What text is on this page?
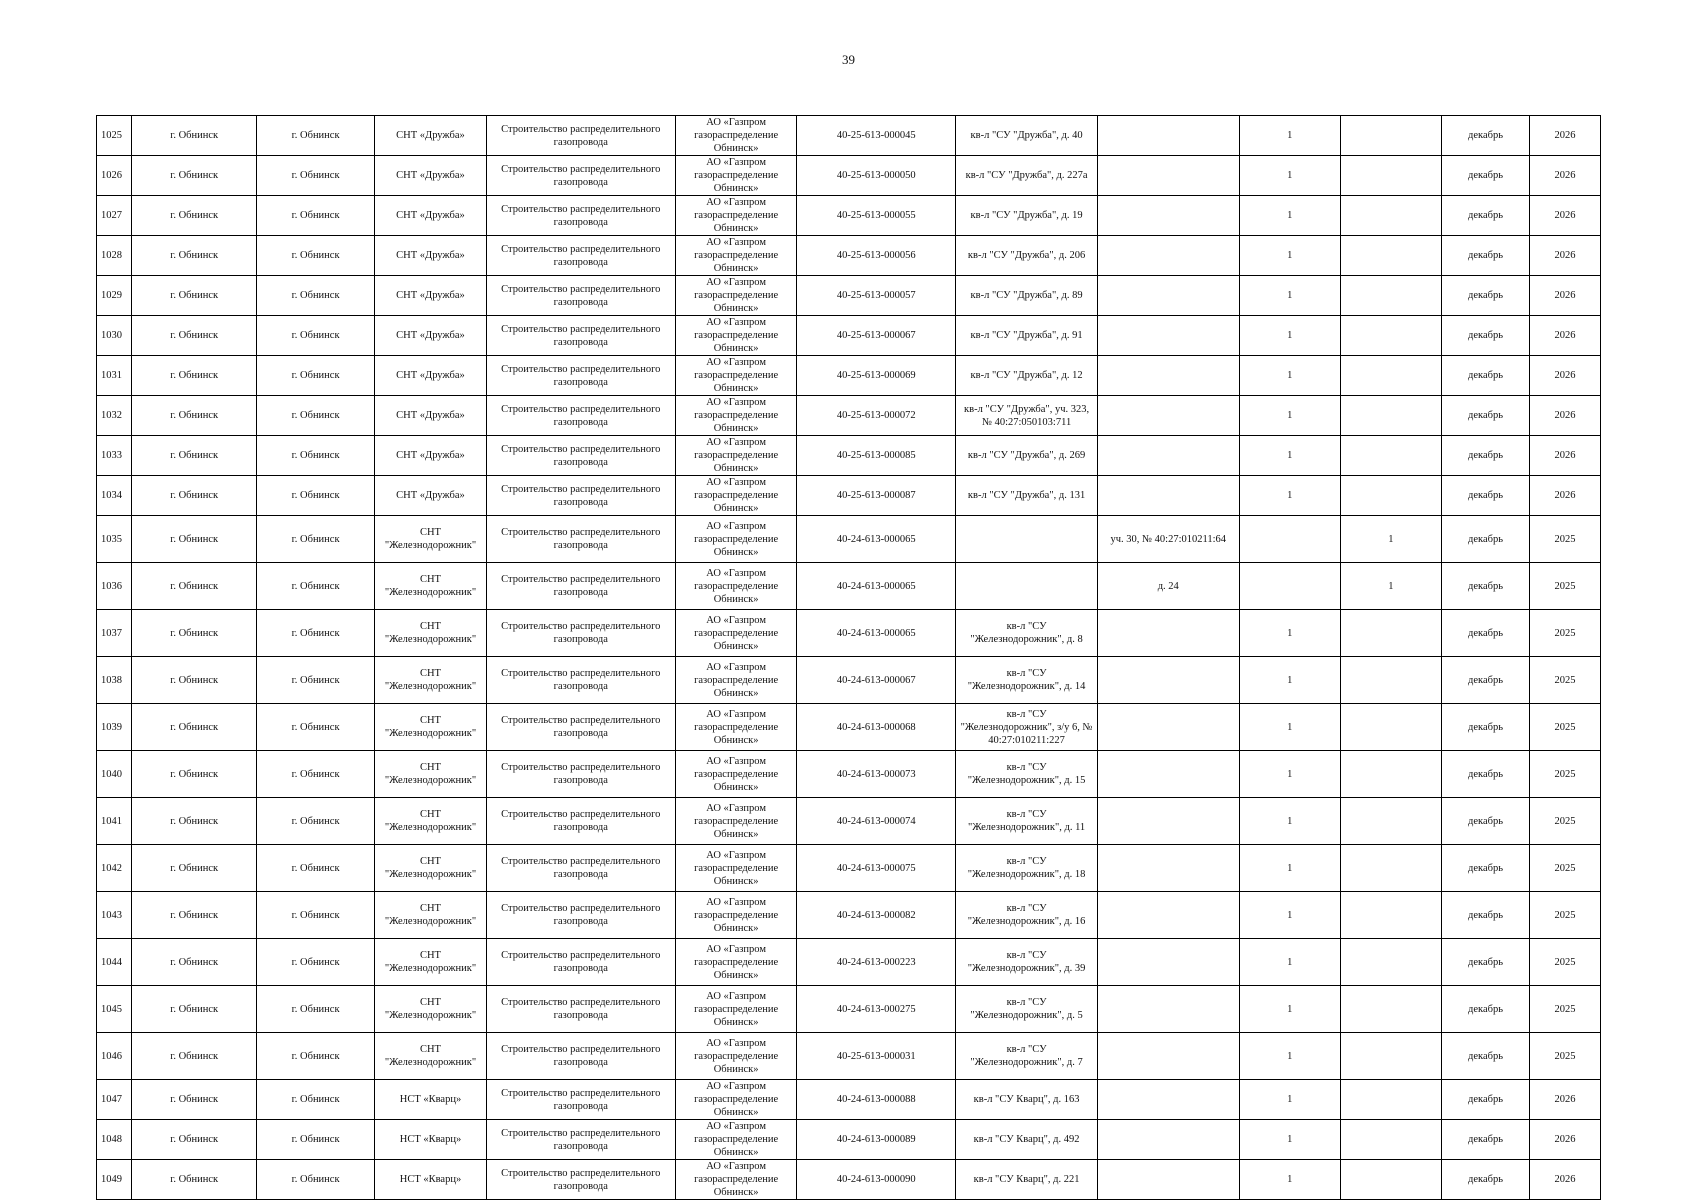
39
1025	г. Обнинск	г. Обнинск	СНТ «Дружба»	Строительство распределительного
газопровода	АО «Газпром
газораспределение Обнинск»	40-25-613-000045	кв-л "СУ "Дружба", д. 40		1		декабрь	2026

1026	г. Обнинск	г. Обнинск	СНТ «Дружба»	Строительство распределительного
газопровода	АО «Газпром
газораспределение Обнинск»	40-25-613-000050	кв-л "СУ "Дружба", д. 227а		1		декабрь	2026

1027	г. Обнинск	г. Обнинск	СНТ «Дружба»	Строительство распределительного
газопровода	АО «Газпром
газораспределение Обнинск»	40-25-613-000055	кв-л "СУ "Дружба", д. 19		1		декабрь	2026

1028	г. Обнинск	г. Обнинск	СНТ «Дружба»	Строительство распределительного
газопровода	АО «Газпром
газораспределение Обнинск»	40-25-613-000056	кв-л "СУ "Дружба", д. 206		1		декабрь	2026

1029	г. Обнинск	г. Обнинск	СНТ «Дружба»	Строительство распределительного
газопровода	АО «Газпром
газораспределение Обнинск»	40-25-613-000057	кв-л "СУ "Дружба", д. 89		1		декабрь	2026

1030	г. Обнинск	г. Обнинск	СНТ «Дружба»	Строительство распределительного
газопровода	АО «Газпром
газораспределение Обнинск»	40-25-613-000067	кв-л "СУ "Дружба", д. 91		1		декабрь	2026

1031	г. Обнинск	г. Обнинск	СНТ «Дружба»	Строительство распределительного
газопровода	АО «Газпром
газораспределение Обнинск»	40-25-613-000069	кв-л "СУ "Дружба", д. 12		1		декабрь	2026

1032	г. Обнинск	г. Обнинск	СНТ «Дружба»	Строительство распределительного
газопровода	АО «Газпром
газораспределение Обнинск»	40-25-613-000072	кв-л "СУ "Дружба", уч. 323,
№ 40:27:050103:711		1		декабрь	2026

1033	г. Обнинск	г. Обнинск	СНТ «Дружба»	Строительство распределительного
газопровода	АО «Газпром
газораспределение Обнинск»	40-25-613-000085	кв-л "СУ "Дружба", д. 269		1		декабрь	2026

1034	г. Обнинск	г. Обнинск	СНТ «Дружба»	Строительство распределительного
газопровода	АО «Газпром
газораспределение Обнинск»	40-25-613-000087	кв-л "СУ "Дружба", д. 131		1		декабрь	2026

1035	г. Обнинск	г. Обнинск	СНТ
"Железнодорожник"	Строительство распределительного
газопровода	АО «Газпром
газораспределение Обнинск»	40-24-613-000065		уч. 30, № 40:27:010211:64		1	декабрь	2025

1036	г. Обнинск	г. Обнинск	СНТ
"Железнодорожник"	Строительство распределительного
газопровода	АО «Газпром
газораспределение Обнинск»	40-24-613-000065		д. 24		1	декабрь	2025

1037	г. Обнинск	г. Обнинск	СНТ
"Железнодорожник"	Строительство распределительного
газопровода	АО «Газпром
газораспределение Обнинск»	40-24-613-000065	кв-л "СУ
"Железнодорожник", д. 8		1		декабрь	2025

1038	г. Обнинск	г. Обнинск	СНТ
"Железнодорожник"	Строительство распределительного
газопровода	АО «Газпром
газораспределение Обнинск»	40-24-613-000067	кв-л "СУ
"Железнодорожник", д. 14		1		декабрь	2025

1039	г. Обнинск	г. Обнинск	СНТ
"Железнодорожник"	Строительство распределительного
газопровода	АО «Газпром
газораспределение Обнинск»	40-24-613-000068	кв-л "СУ
"Железнодорожник", з/у 6, №
40:27:010211:227		1		декабрь	2025

1040	г. Обнинск	г. Обнинск	СНТ
"Железнодорожник"	Строительство распределительного
газопровода	АО «Газпром
газораспределение Обнинск»	40-24-613-000073	кв-л "СУ
"Железнодорожник", д. 15		1		декабрь	2025

1041	г. Обнинск	г. Обнинск	СНТ
"Железнодорожник"	Строительство распределительного
газопровода	АО «Газпром
газораспределение Обнинск»	40-24-613-000074	кв-л "СУ
"Железнодорожник", д. 11		1		декабрь	2025

1042	г. Обнинск	г. Обнинск	СНТ
"Железнодорожник"	Строительство распределительного
газопровода	АО «Газпром
газораспределение Обнинск»	40-24-613-000075	кв-л "СУ
"Железнодорожник", д. 18		1		декабрь	2025

1043	г. Обнинск	г. Обнинск	СНТ
"Железнодорожник"	Строительство распределительного
газопровода	АО «Газпром
газораспределение Обнинск»	40-24-613-000082	кв-л "СУ
"Железнодорожник", д. 16		1		декабрь	2025

1044	г. Обнинск	г. Обнинск	СНТ
"Железнодорожник"	Строительство распределительного
газопровода	АО «Газпром
газораспределение Обнинск»	40-24-613-000223	кв-л "СУ
"Железнодорожник", д. 39		1		декабрь	2025

1045	г. Обнинск	г. Обнинск	СНТ
"Железнодорожник"	Строительство распределительного
газопровода	АО «Газпром
газораспределение Обнинск»	40-24-613-000275	кв-л "СУ
"Железнодорожник", д. 5		1		декабрь	2025

1046	г. Обнинск	г. Обнинск	СНТ
"Железнодорожник"	Строительство распределительного
газопровода	АО «Газпром
газораспределение Обнинск»	40-25-613-000031	кв-л "СУ
"Железнодорожник", д. 7		1		декабрь	2025

1047	г. Обнинск	г. Обнинск	НСТ «Кварц»	Строительство распределительного
газопровода	АО «Газпром
газораспределение Обнинск»	40-24-613-000088	кв-л "СУ Кварц", д. 163		1		декабрь	2026

1048	г. Обнинск	г. Обнинск	НСТ «Кварц»	Строительство распределительного
газопровода	АО «Газпром
газораспределение Обнинск»	40-24-613-000089	кв-л "СУ Кварц", д. 492		1		декабрь	2026

1049	г. Обнинск	г. Обнинск	НСТ «Кварц»	Строительство распределительного
газопровода	АО «Газпром
газораспределение Обнинск»	40-24-613-000090	кв-л "СУ Кварц", д. 221		1		декабрь	2026
